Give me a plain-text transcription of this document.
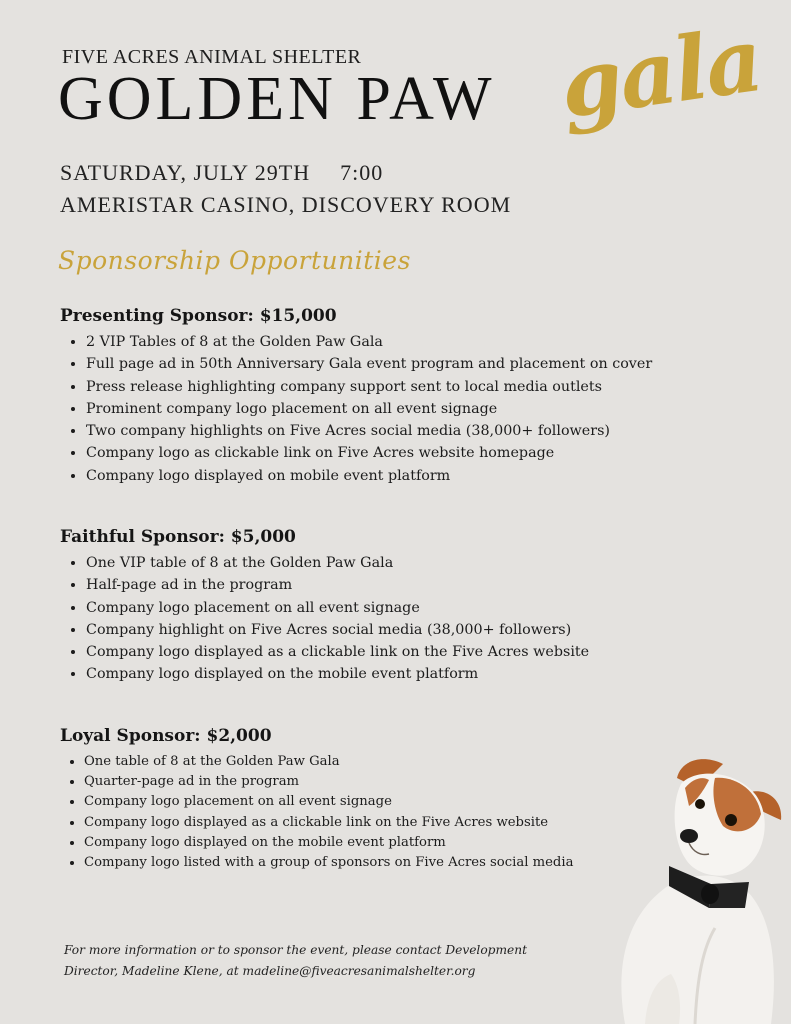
FIVE ACRES ANIMAL SHELTER
GOLDEN PAW gala
SATURDAY, JULY 29TH 7:00
AMERISTAR CASINO, DISCOVERY ROOM
Sponsorship Opportunities
Presenting Sponsor: $15,000
• 2 VIP Tables of 8 at the Golden Paw Gala
• Full page ad in 50th Anniversary Gala event program and placement on cover
• Press release highlighting company support sent to local media outlets
• Prominent company logo placement on all event signage
• Two company highlights on Five Acres social media (38,000+ followers)
• Company logo as clickable link on Five Acres website homepage
• Company logo displayed on mobile event platform
Faithful Sponsor: $5,000
• One VIP table of 8 at the Golden Paw Gala
• Half-page ad in the program
• Company logo placement on all event signage
• Company highlight on Five Acres social media (38,000+ followers)
• Company logo displayed as a clickable link on the Five Acres website
• Company logo displayed on the mobile event platform
Loyal Sponsor: $2,000
• One table of 8 at the Golden Paw Gala
• Quarter-page ad in the program
• Company logo placement on all event signage
• Company logo displayed as a clickable link on the Five Acres website
• Company logo displayed on the mobile event platform
• Company logo listed with a group of sponsors on Five Acres social media
For more information or to sponsor the event, please contact Development
Director, Madeline Klene, at madeline@fiveacresanimalshelter.org
